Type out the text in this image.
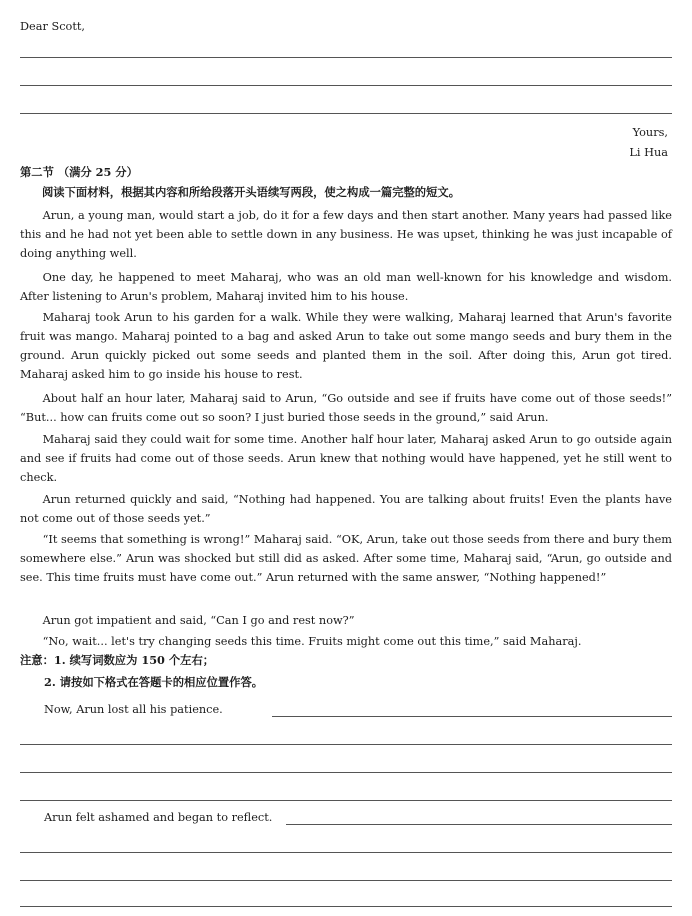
Dear Scott,
Yours,
Li Hua
第二节 （满分 25 分）
阅读下面材料，根据其内容和所给段落开头语续写两段，使之构成一篇完整的短文。
Arun, a young man, would start a job, do it for a few days and then start another. Many years had passed like this and he had not yet been able to settle down in any business. He was upset, thinking he was just incapable of doing anything well.
One day, he happened to meet Maharaj, who was an old man well-known for his knowledge and wisdom. After listening to Arun's problem, Maharaj invited him to his house.
Maharaj took Arun to his garden for a walk. While they were walking, Maharaj learned that Arun's favorite fruit was mango. Maharaj pointed to a bag and asked Arun to take out some mango seeds and bury them in the ground. Arun quickly picked out some seeds and planted them in the soil. After doing this, Arun got tired. Maharaj asked him to go inside his house to rest.
About half an hour later, Maharaj said to Arun, “Go outside and see if fruits have come out of those seeds!” “But... how can fruits come out so soon? I just buried those seeds in the ground,” said Arun.
Maharaj said they could wait for some time. Another half hour later, Maharaj asked Arun to go outside again and see if fruits had come out of those seeds. Arun knew that nothing would have happened, yet he still went to check.
Arun returned quickly and said, “Nothing had happened. You are talking about fruits! Even the plants have not come out of those seeds yet.”
“It seems that something is wrong!” Maharaj said. “OK, Arun, take out those seeds from there and bury them somewhere else.” Arun was shocked but still did as asked. After some time, Maharaj said, “Arun, go outside and see. This time fruits must have come out.” Arun returned with the same answer, “Nothing happened!”
Arun got impatient and said, “Can I go and rest now?”
“No, wait... let's try changing seeds this time. Fruits might come out this time,” said Maharaj.
注意：1. 续写词数应为 150 个左右；
2. 请按如下格式在答题卡的相应位置作答。
Now, Arun lost all his patience.
Arun felt ashamed and began to reflect.
